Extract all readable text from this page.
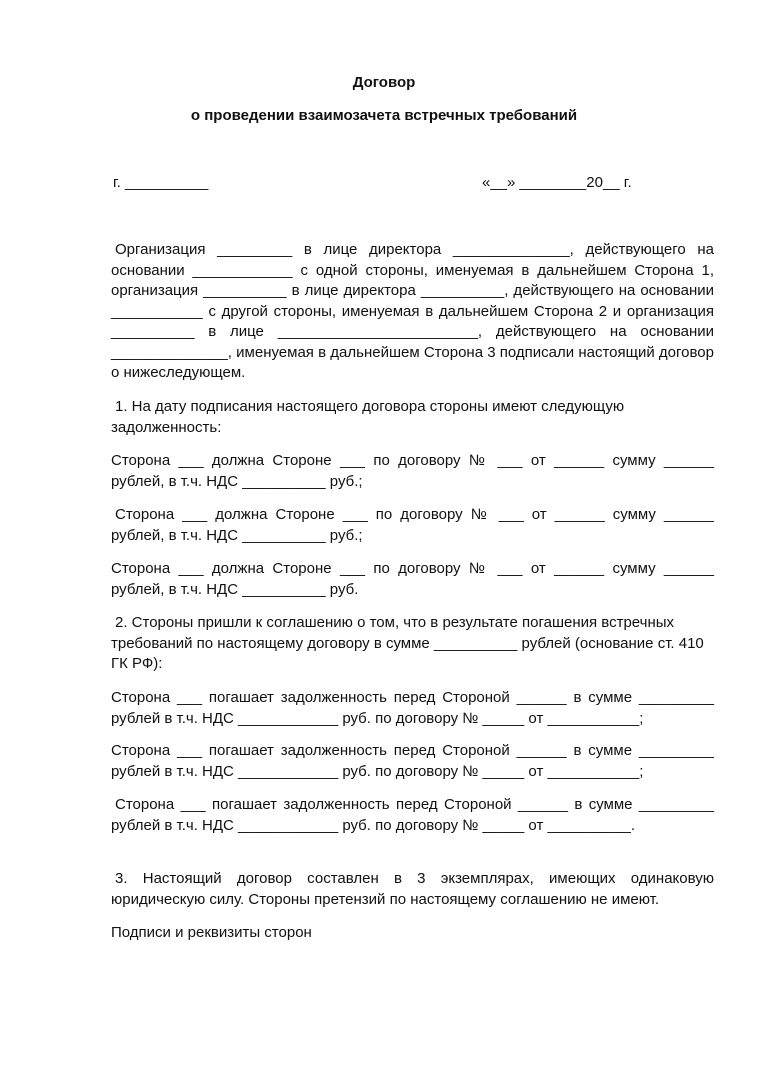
Договор
о проведении взаимозачета встречных требований
г. __________	«__» ________20__ г.
Организация _________ в лице директора ______________, действующего на основании ____________ с одной стороны, именуемая в дальнейшем Сторона 1, организация __________ в лице директора __________, действующего на основании ___________ с другой стороны, именуемая в дальнейшем Сторона 2 и организация __________ в лице ________________________, действующего на основании ______________, именуемая в дальнейшем Сторона 3 подписали настоящий договор о нижеследующем.
1. На дату подписания настоящего договора стороны имеют следующую задолженность:
Сторона ___ должна Стороне ___ по договору № ___ от ______ сумму ______ рублей, в т.ч. НДС __________ руб.;
Сторона ___ должна Стороне ___ по договору № ___ от ______ сумму ______ рублей, в т.ч. НДС __________ руб.;
Сторона ___ должна Стороне ___ по договору № ___ от ______ сумму ______ рублей, в т.ч. НДС __________ руб.
2. Стороны пришли к соглашению о том, что в результате погашения встречных требований по настоящему договору в сумме __________ рублей (основание ст. 410 ГК РФ):
Сторона ___ погашает задолженность перед Стороной ______ в сумме _________ рублей в т.ч. НДС ____________ руб. по договору № _____ от ___________;
Сторона ___ погашает задолженность перед Стороной ______ в сумме _________ рублей в т.ч. НДС ____________ руб. по договору № _____ от ___________;
Сторона ___ погашает задолженность перед Стороной ______ в сумме _________ рублей в т.ч. НДС ____________ руб. по договору № _____ от __________.
3. Настоящий договор составлен в 3 экземплярах, имеющих одинаковую юридическую силу. Стороны претензий по настоящему соглашению не имеют.
Подписи и реквизиты сторон
